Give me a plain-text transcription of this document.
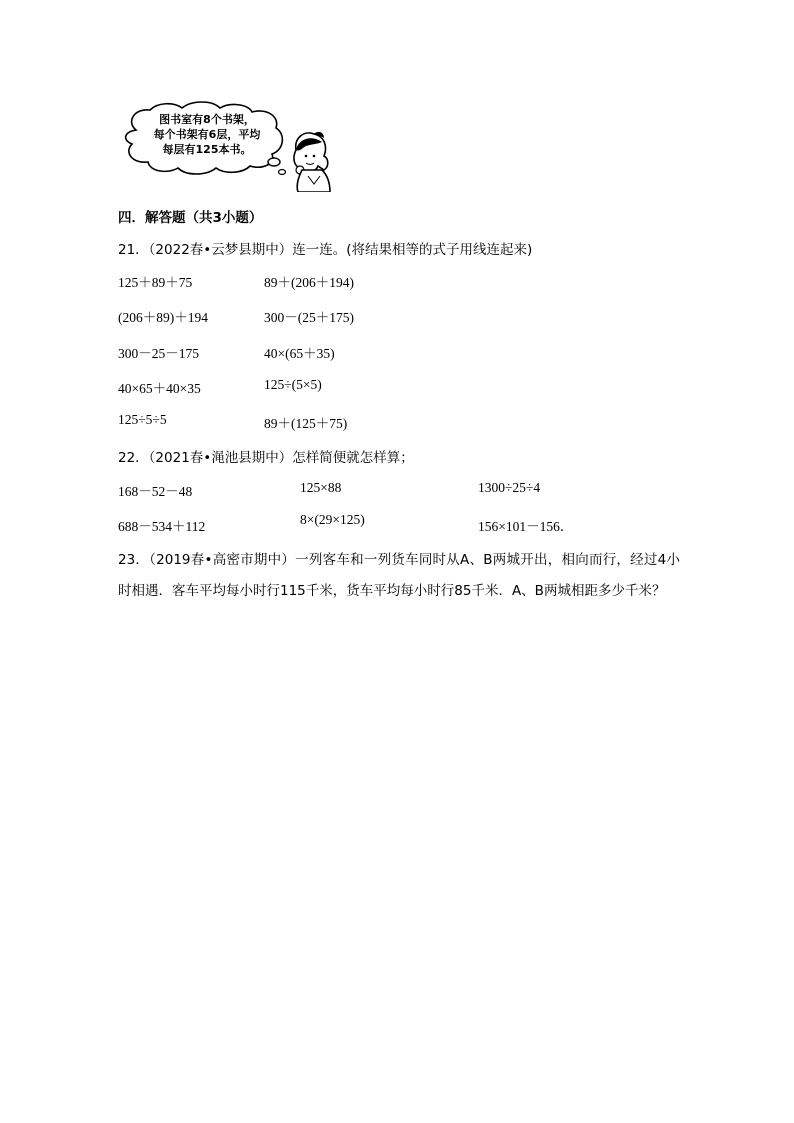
图书室有8个书架，
每个书架有6层，平均
每层有125本书。
四．解答题（共3小题）
21．（2022春•云梦县期中）连一连。(将结果相等的式子用线连起来)
125＋89＋75	89＋(206＋194)
(206＋89)＋194	300－(25＋175)
300－25－175	40×(65＋35)
40×65＋40×35	125÷(5×5)
125÷5÷5	89＋(125＋75)
22．（2021春•渑池县期中）怎样简便就怎样算；
168－52－48	125×88	1300÷25÷4
688－534＋112	8×(29×125)	156×101－156．
23．（2019春•高密市期中）一列客车和一列货车同时从A、B两城开出，相向而行，经过4小时相遇．客车平均每小时行115千米，货车平均每小时行85千米．A、B两城相距多少千米？
